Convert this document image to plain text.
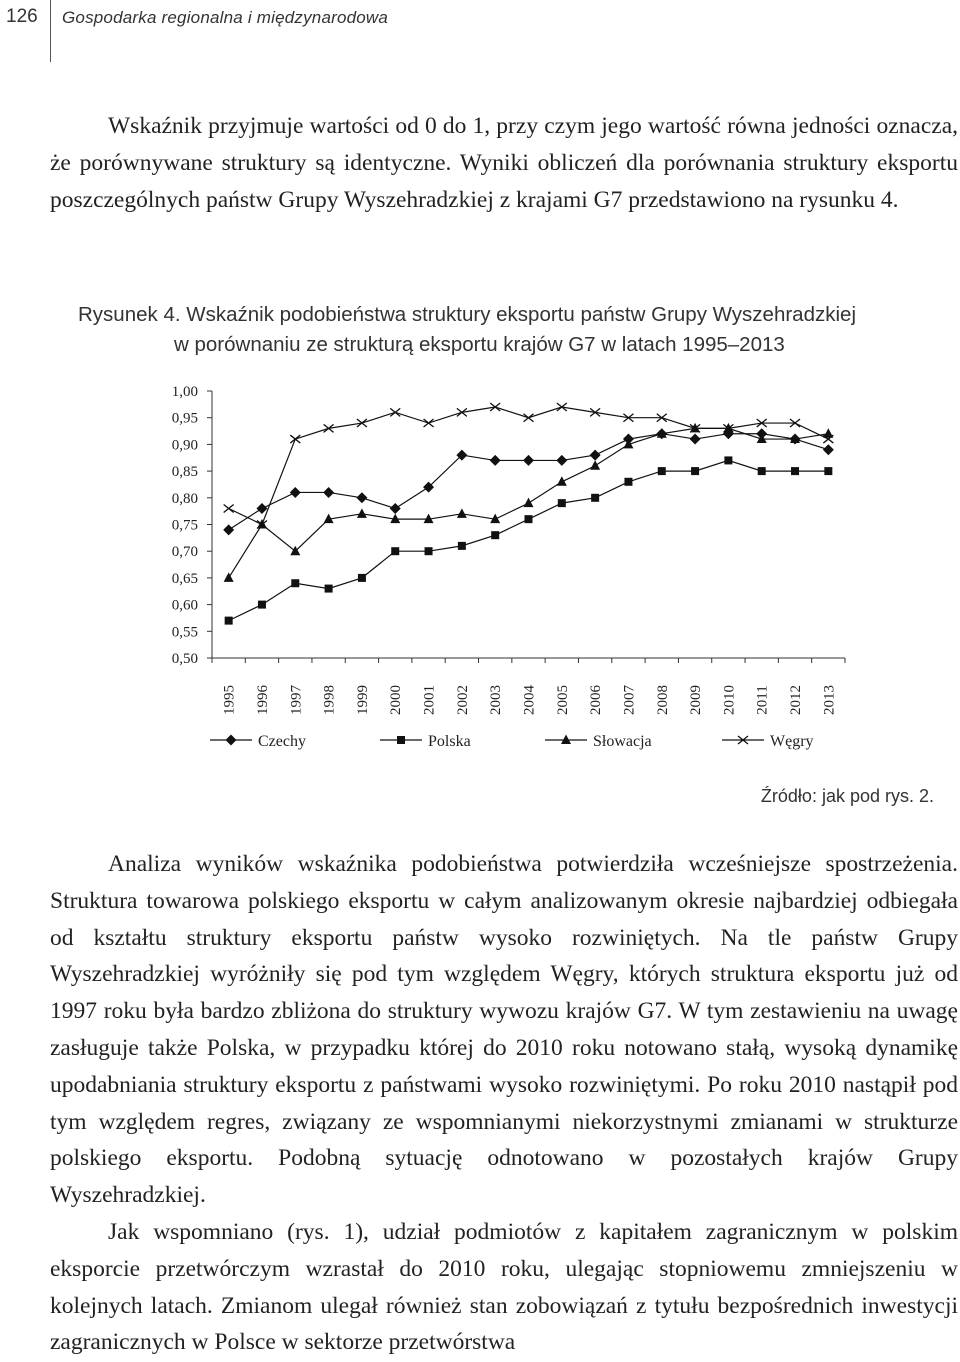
126 Gospodarka regionalna i międzynarodowa

Wskaźnik przyjmuje wartości od 0 do 1, przy czym jego wartość równa jedności oznacza, że porównywane struktury są identyczne. Wyniki obliczeń dla porównania struktury eksportu poszczególnych państw Grupy Wyszehradzkiej z krajami G7 przedstawiono na rysunku 4.

Rysunek 4. Wskaźnik podobieństwa struktury eksportu państw Grupy Wyszehradzkiej
w porównaniu ze strukturą eksportu krajów G7 w latach 1995–2013
1,00
0,95
0,90
0,85
0,80
0,75
0,70
0,65
0,60
0,55
0,50
1995 1996 1997 1998 1999 2000 2001 2002 2003 2004 2005 2006 2007 2008 2009 2010 2011 2012 2013
Czechy	Polska	Słowacja	Węgry
Źródło: jak pod rys. 2.
Analiza wyników wskaźnika podobieństwa potwierdziła wcześniejsze spostrzeżenia. Struktura towarowa polskiego eksportu w całym analizowanym okresie najbardziej odbiegała od kształtu struktury eksportu państw wysoko rozwiniętych. Na tle państw Grupy Wyszehradzkiej wyróżniły się pod tym względem Węgry, których struktura eksportu już od 1997 roku była bardzo zbliżona do struktury wywozu krajów G7. W tym zestawieniu na uwagę zasługuje także Polska, w przypadku której do 2010 roku notowano stałą, wysoką dynamikę upodabniania struktury eksportu z państwami wysoko rozwiniętymi. Po roku 2010 nastąpił pod tym względem regres, związany ze wspomnianymi niekorzystnymi zmianami w strukturze polskiego eksportu. Podobną sytuację odnotowano w pozostałych krajów Grupy Wyszehradzkiej.
Jak wspomniano (rys. 1), udział podmiotów z kapitałem zagranicznym w polskim eksporcie przetwórczym wzrastał do 2010 roku, ulegając stopniowemu zmniejszeniu w kolejnych latach. Zmianom ulegał również stan zobowiązań z tytułu bezpośrednich inwestycji zagranicznych w Polsce w sektorze przetwórstwa
